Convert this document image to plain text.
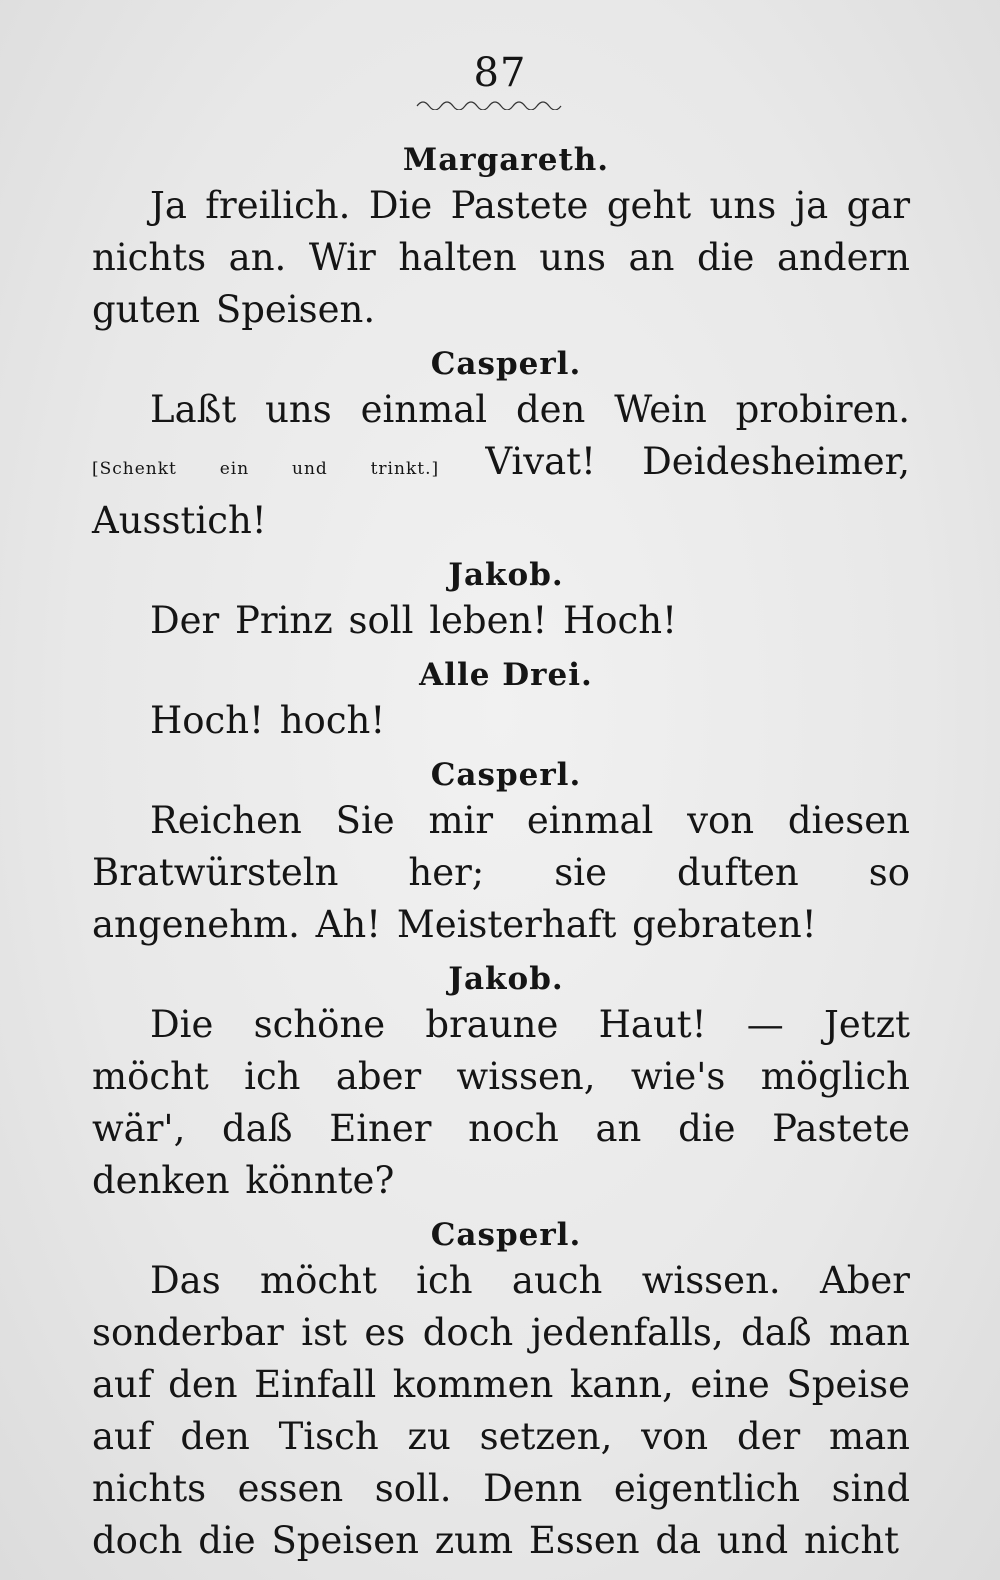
87

Margareth.

Ja freilich. Die Pastete geht uns ja gar nichts an. Wir halten uns an die andern guten Speisen.

Casperl.

Laßt uns einmal den Wein probiren. [Schenkt ein und trinkt.] Vivat! Deidesheimer, Ausstich!

Jakob.

Der Prinz soll leben! Hoch!

Alle Drei.

Hoch! hoch!

Casperl.

Reichen Sie mir einmal von diesen Bratwürsteln her; sie duften so angenehm. Ah! Meisterhaft gebraten!

Jakob.

Die schöne braune Haut! — Jetzt möcht ich aber wissen, wie's möglich wär', daß Einer noch an die Pastete denken könnte?

Casperl.

Das möcht ich auch wissen. Aber sonderbar ist es doch jedenfalls, daß man auf den Einfall kommen kann, eine Speise auf den Tisch zu setzen, von der man nichts essen soll. Denn eigentlich sind doch die Speisen zum Essen da und nicht
